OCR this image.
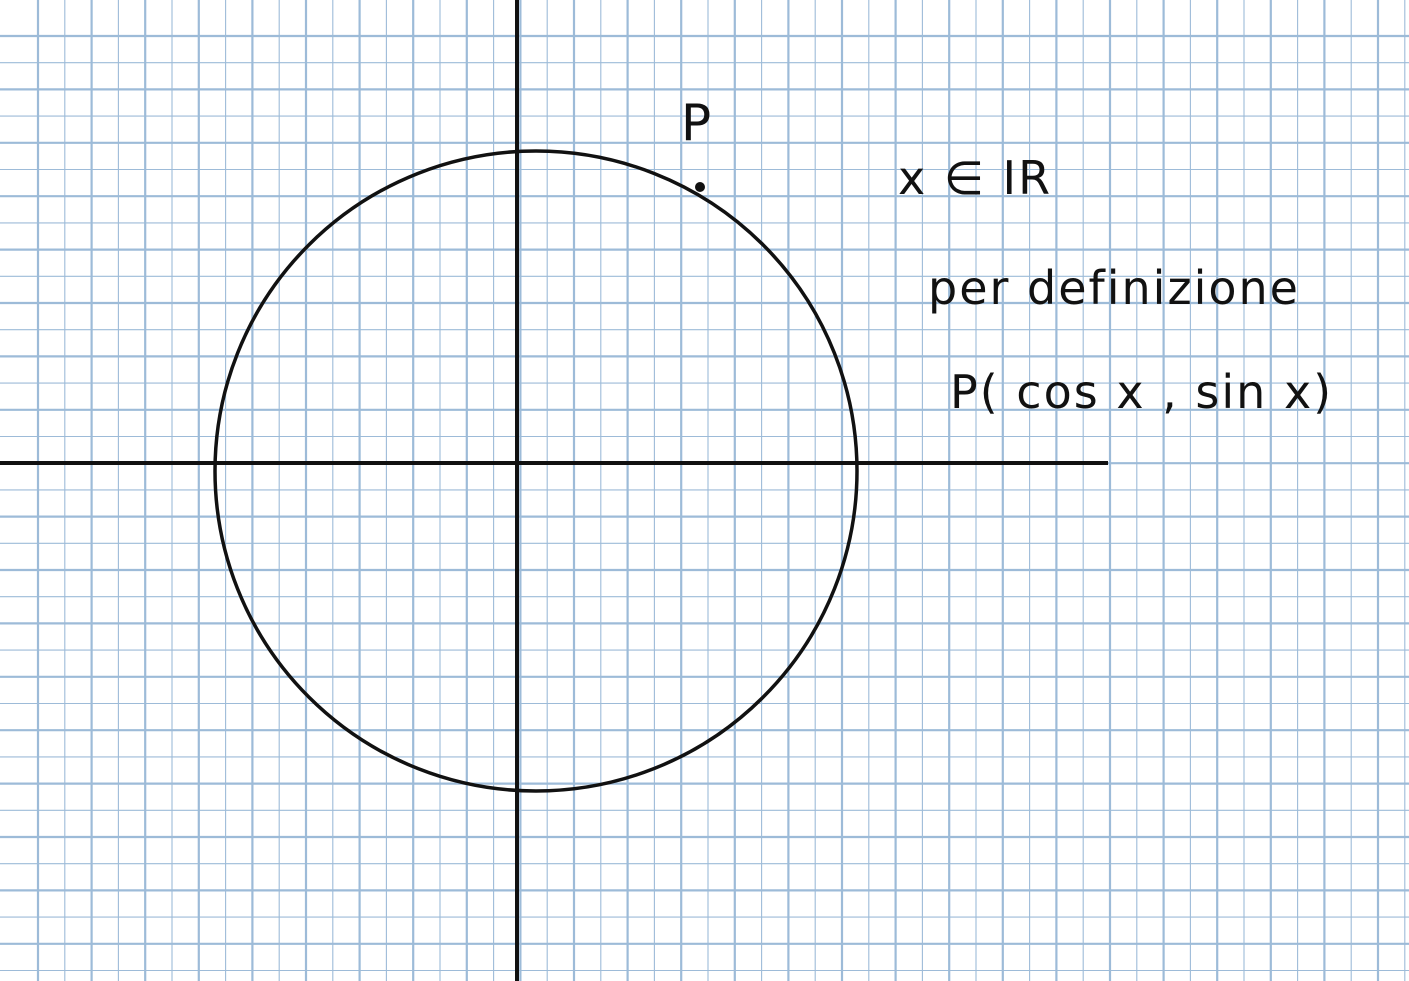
P
x ∈ IR
per definizione
P( cos x , sin x)
